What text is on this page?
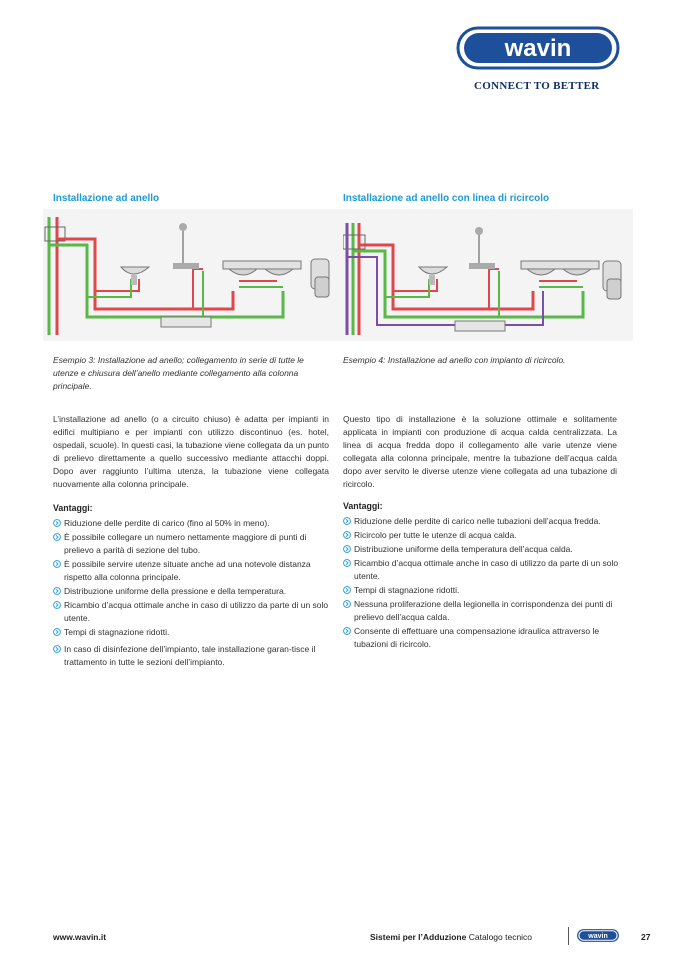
wavin
CONNECT TO BETTER
Installazione ad anello
Esempio 3: Installazione ad anello; collegamento in serie di tutte le utenze e chiusura dell’anello mediante collegamento alla colonna principale.
L’installazione ad anello (o a circuito chiuso) è adatta per impianti in edifici multipiano e per impianti con utilizzo discontinuo (es. hotel, ospedali, scuole). In questi casi, la tubazione viene collegata da un punto di prelievo direttamente a quello successivo mediante attacchi doppi. Dopo aver raggiunto l’ultima utenza, la tubazione viene collegata nuovamente alla colonna principale.
Vantaggi:
Riduzione delle perdite di carico (fino al 50% in meno).
È possibile collegare un numero nettamente maggiore di punti di prelievo a parità di sezione del tubo.
È possibile servire utenze situate anche ad una notevole distanza rispetto alla colonna principale.
Distribuzione uniforme della pressione e della temperatura.
Ricambio d’acqua ottimale anche in caso di utilizzo da parte di un solo utente.
Tempi di stagnazione ridotti.
In caso di disinfezione dell’impianto, tale installazione garan-tisce il trattamento in tutte le sezioni dell’impianto.
Installazione ad anello con linea di ricircolo
Esempio 4: Installazione ad anello con impianto di ricircolo.
Questo tipo di installazione è la soluzione ottimale e solitamente applicata in impianti con produzione di acqua calda centralizzata. La linea di acqua fredda dopo il collegamento alle varie utenze viene collegata alla colonna principale, mentre la tubazione dell’acqua calda dopo aver servito le diverse utenze viene collegata ad una tubazione di ricircolo.
Vantaggi:
Riduzione delle perdite di carico nelle tubazioni dell’acqua fredda.
Ricircolo per tutte le utenze di acqua calda.
Distribuzione uniforme della temperatura dell’acqua calda.
Ricambio d’acqua ottimale anche in caso di utilizzo da parte di un solo utente.
Tempi di stagnazione ridotti.
Nessuna proliferazione della legionella in corrispondenza dei punti di prelievo dell’acqua calda.
Consente di effettuare una compensazione idraulica attraverso le tubazioni di ricircolo.
www.wavin.it	Sistemi per l’Adduzione Catalogo tecnico	wavin	27
